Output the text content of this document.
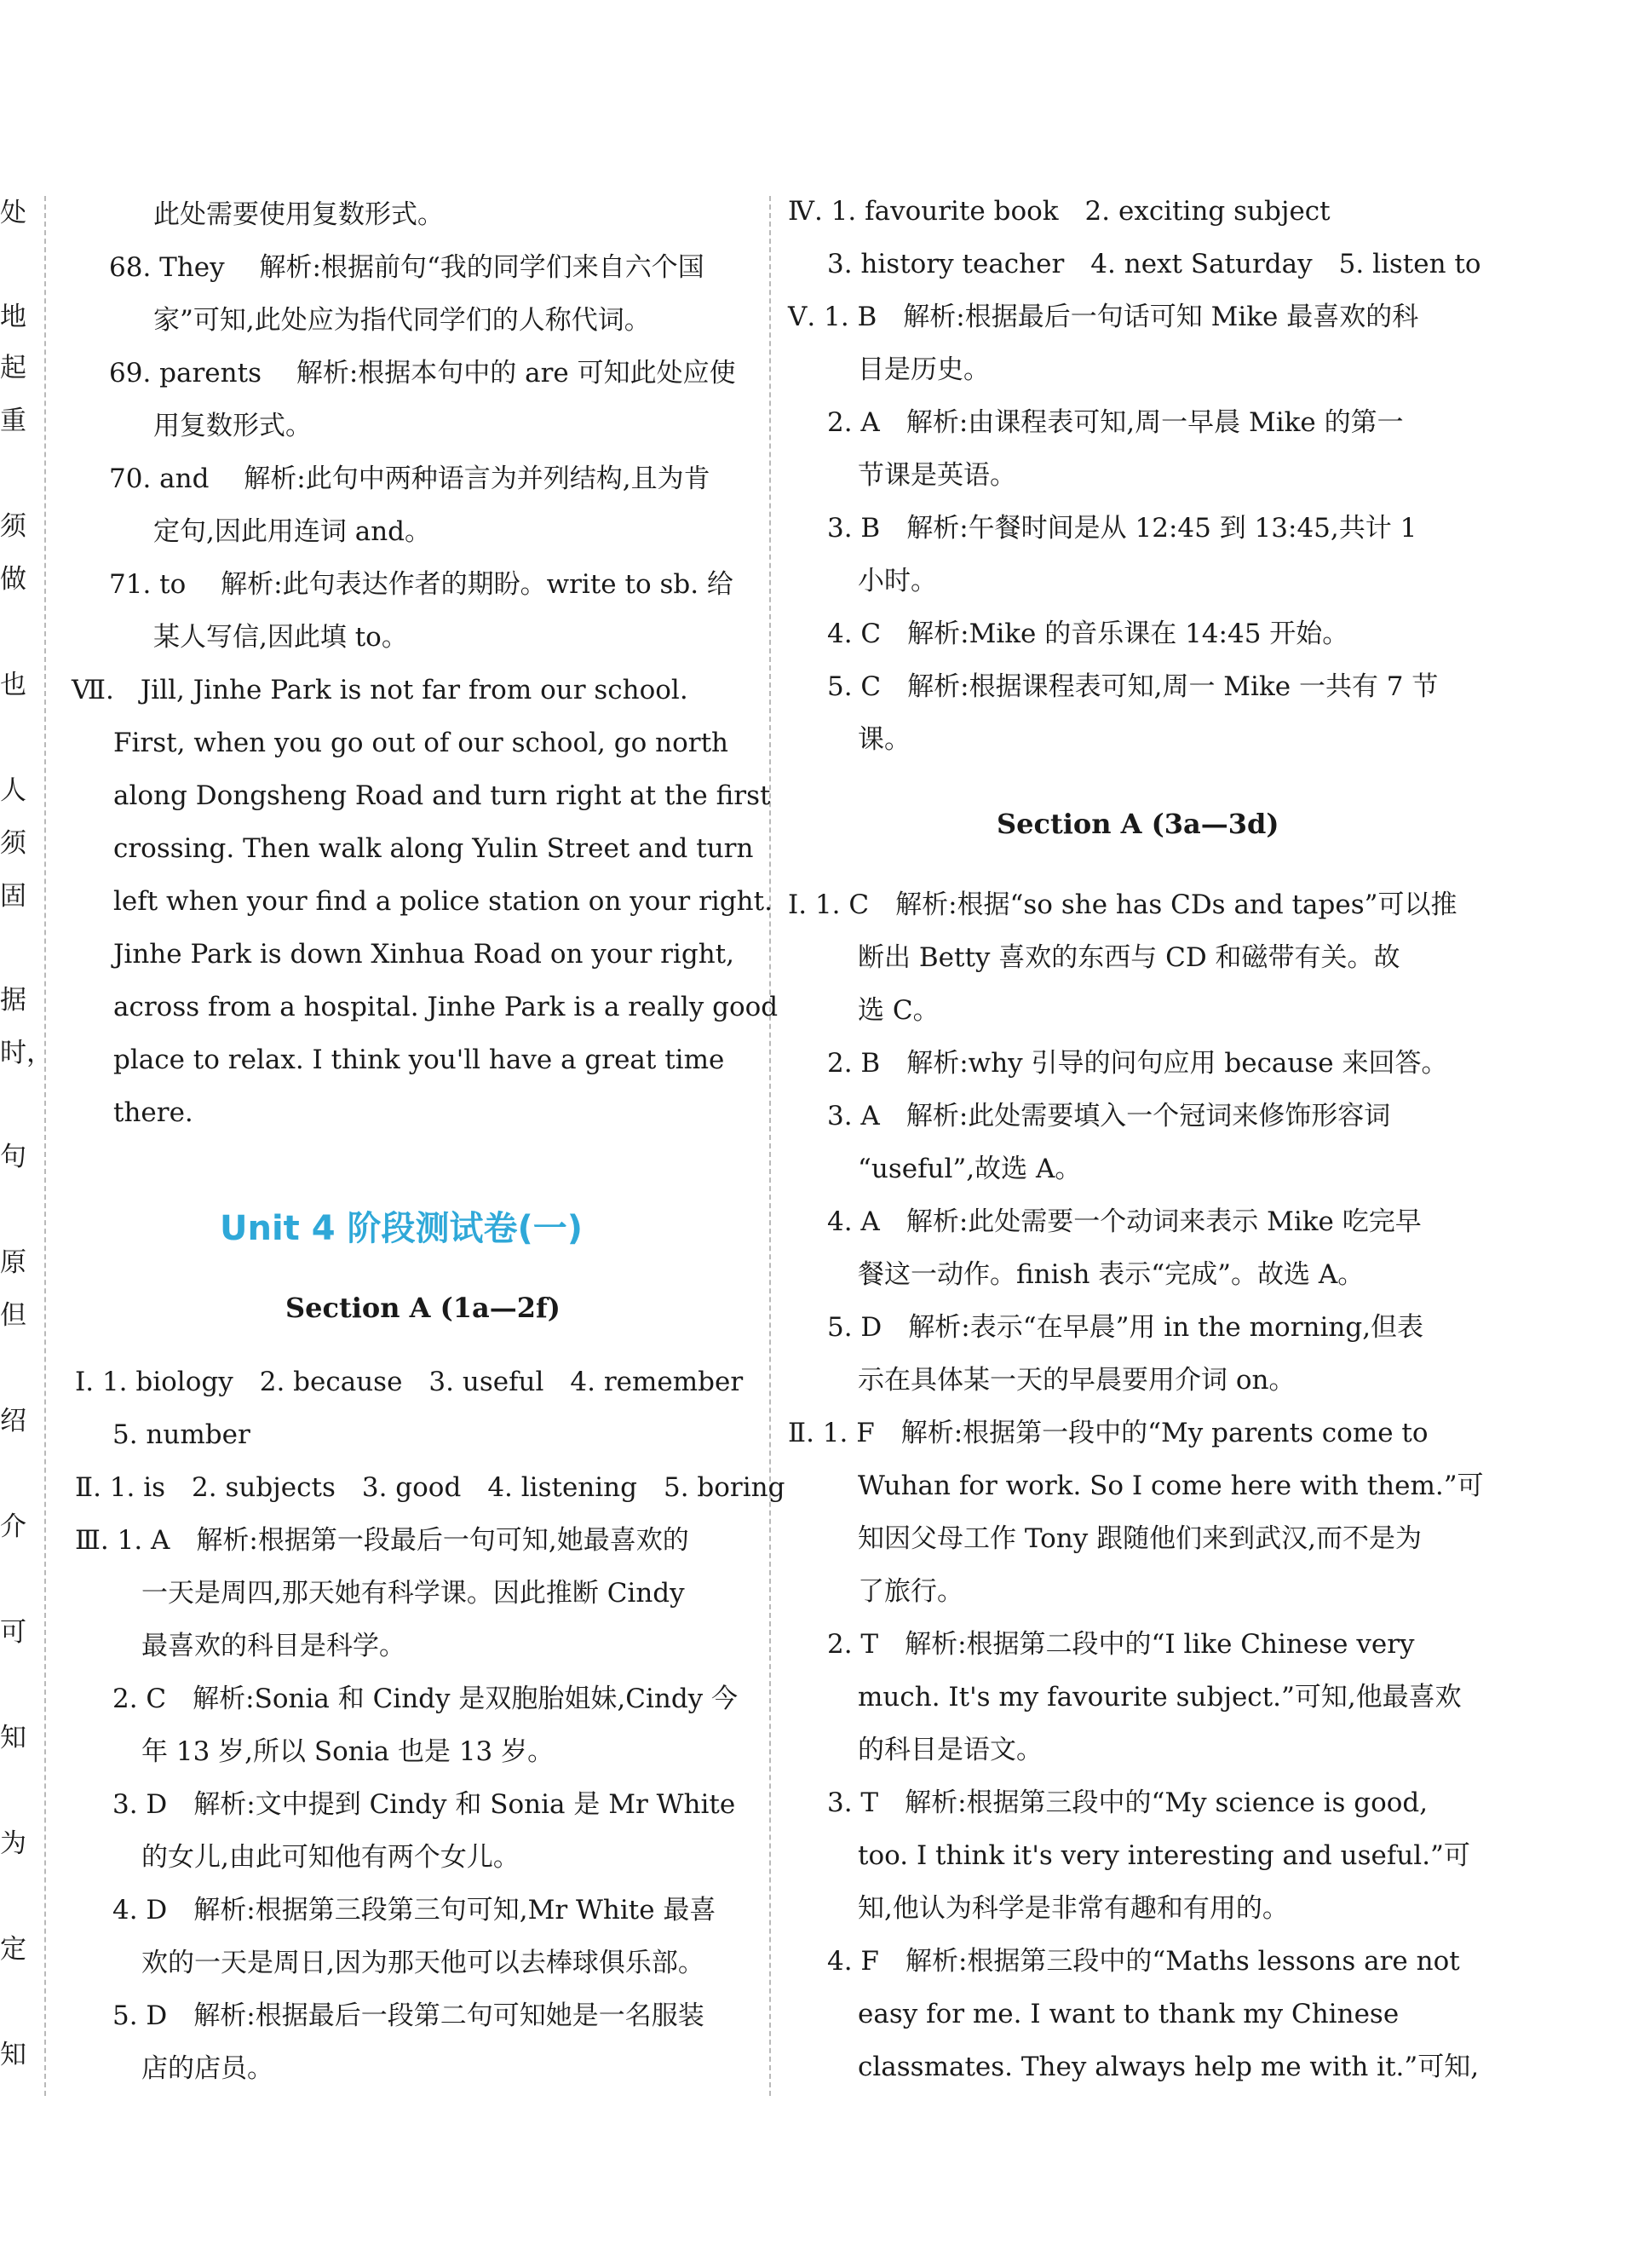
处
地
起
重
须
做
也
人
须
固
据
时，
句
原
但
绍
介
可
知
为
定
知
此处需要使用复数形式。
68. They　 解析:根据前句“我的同学们来自六个国
家”可知,此处应为指代同学们的人称代词。
69. parents　 解析:根据本句中的 are 可知此处应使
用复数形式。
70. and　 解析:此句中两种语言为并列结构,且为肯
定句,因此用连词 and。
71. to　 解析:此句表达作者的期盼。write to sb. 给
某人写信,因此填 to。
Ⅶ.　Jill, Jinhe Park is not far from our school.
First, when you go out of our school, go north
along Dongsheng Road and turn right at the first
crossing. Then walk along Yulin Street and turn
left when your find a police station on your right.
Jinhe Park is down Xinhua Road on your right,
across from a hospital. Jinhe Park is a really good
place to relax. I think you'll have a great time
there.
Unit 4 阶段测试卷(一)
Section A (1a—2f)
Ⅰ. 1. biology　2. because　3. useful　4. remember
5. number
Ⅱ. 1. is　2. subjects　3. good　4. listening　5. boring
Ⅲ. 1. A　解析:根据第一段最后一句可知,她最喜欢的
一天是周四,那天她有科学课。因此推断 Cindy
最喜欢的科目是科学。
2. C　解析:Sonia 和 Cindy 是双胞胎姐妹,Cindy 今
年 13 岁,所以 Sonia 也是 13 岁。
3. D　解析:文中提到 Cindy 和 Sonia 是 Mr White
的女儿,由此可知他有两个女儿。
4. D　解析:根据第三段第三句可知,Mr White 最喜
欢的一天是周日,因为那天他可以去棒球俱乐部。
5. D　解析:根据最后一段第二句可知她是一名服装
店的店员。
Ⅳ. 1. favourite book　2. exciting subject
3. history teacher　4. next Saturday　5. listen to
Ⅴ. 1. B　解析:根据最后一句话可知 Mike 最喜欢的科
目是历史。
2. A　解析:由课程表可知,周一早晨 Mike 的第一
节课是英语。
3. B　解析:午餐时间是从 12:45 到 13:45,共计 1
小时。
4. C　解析:Mike 的音乐课在 14:45 开始。
5. C　解析:根据课程表可知,周一 Mike 一共有 7 节
课。
Section A (3a—3d)
Ⅰ. 1. C　解析:根据“so she has CDs and tapes”可以推
断出 Betty 喜欢的东西与 CD 和磁带有关。故
选 C。
2. B　解析:why 引导的问句应用 because 来回答。
3. A　解析:此处需要填入一个冠词来修饰形容词
“useful”,故选 A。
4. A　解析:此处需要一个动词来表示 Mike 吃完早
餐这一动作。finish 表示“完成”。故选 A。
5. D　解析:表示“在早晨”用 in the morning,但表
示在具体某一天的早晨要用介词 on。
Ⅱ. 1. F　解析:根据第一段中的“My parents come to
Wuhan for work. So I come here with them.”可
知因父母工作 Tony 跟随他们来到武汉,而不是为
了旅行。
2. T　解析:根据第二段中的“I like Chinese very
much. It's my favourite subject.”可知,他最喜欢
的科目是语文。
3. T　解析:根据第三段中的“My science is good,
too. I think it's very interesting and useful.”可
知,他认为科学是非常有趣和有用的。
4. F　解析:根据第三段中的“Maths lessons are not
easy for me. I want to thank my Chinese
classmates. They always help me with it.”可知,
